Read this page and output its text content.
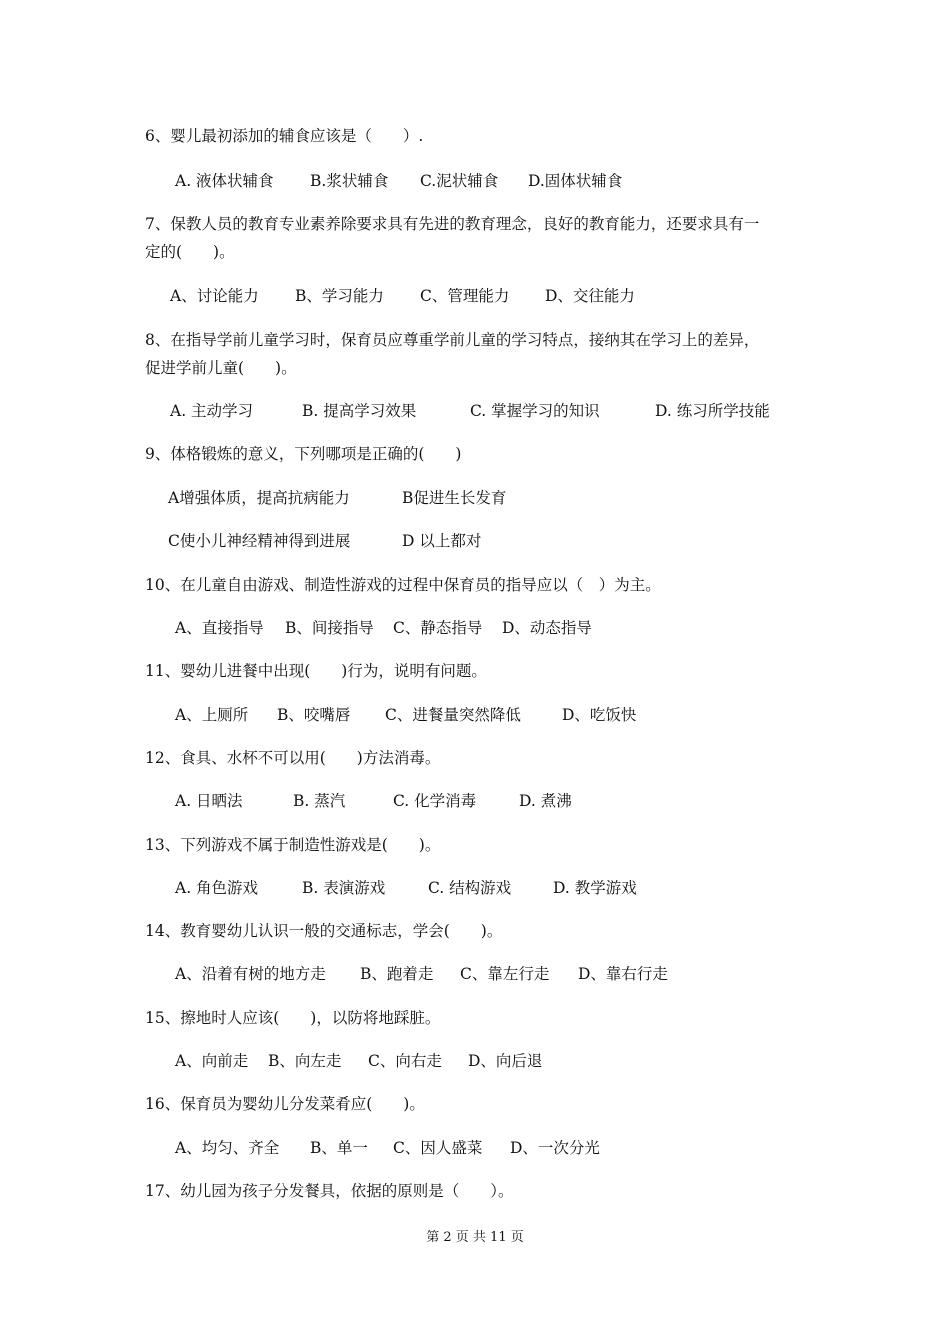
6、婴儿最初添加的辅食应该是（　　）.
A. 液体状辅食 B.浆状辅食 C.泥状辅食 D.固体状辅食
7、保教人员的教育专业素养除要求具有先进的教育理念，良好的教育能力，还要求具有一
定的(　　)。
A、讨论能力 B、学习能力 C、管理能力 D、交往能力
8、在指导学前儿童学习时，保育员应尊重学前儿童的学习特点，接纳其在学习上的差异，
促进学前儿童(　　)。
A. 主动学习	B. 提高学习效果	C. 掌握学习的知识	D. 练习所学技能
9、体格锻炼的意义，下列哪项是正确的(　　)
A增强体质，提高抗病能力	B促进生长发育
C使小儿神经精神得到进展	D 以上都对
10、在儿童自由游戏、制造性游戏的过程中保育员的指导应以（　）为主。
A、直接指导 B、间接指导 C、静态指导 D、动态指导
11、婴幼儿进餐中出现(　　)行为，说明有问题。
A、上厕所 B、咬嘴唇 C、进餐量突然降低	D、吃饭快
12、食具、水杯不可以用(　　)方法消毒。
A. 日晒法	B. 蒸汽	C. 化学消毒	D. 煮沸
13、下列游戏不属于制造性游戏是(　　)。
A. 角色游戏	B. 表演游戏	C. 结构游戏	D. 教学游戏
14、教育婴幼儿认识一般的交通标志，学会(　　)。
A、沿着有树的地方走 B、跑着走 C、靠左行走 D、靠右行走
15、擦地时人应该(　　)，以防将地踩脏。
A、向前走 B、向左走 C、向右走 D、向后退
16、保育员为婴幼儿分发菜肴应(　　)。
A、均匀、齐全 B、单一 C、因人盛菜 D、一次分光
17、幼儿园为孩子分发餐具，依据的原则是（　　）。
第 2 页 共 11 页
